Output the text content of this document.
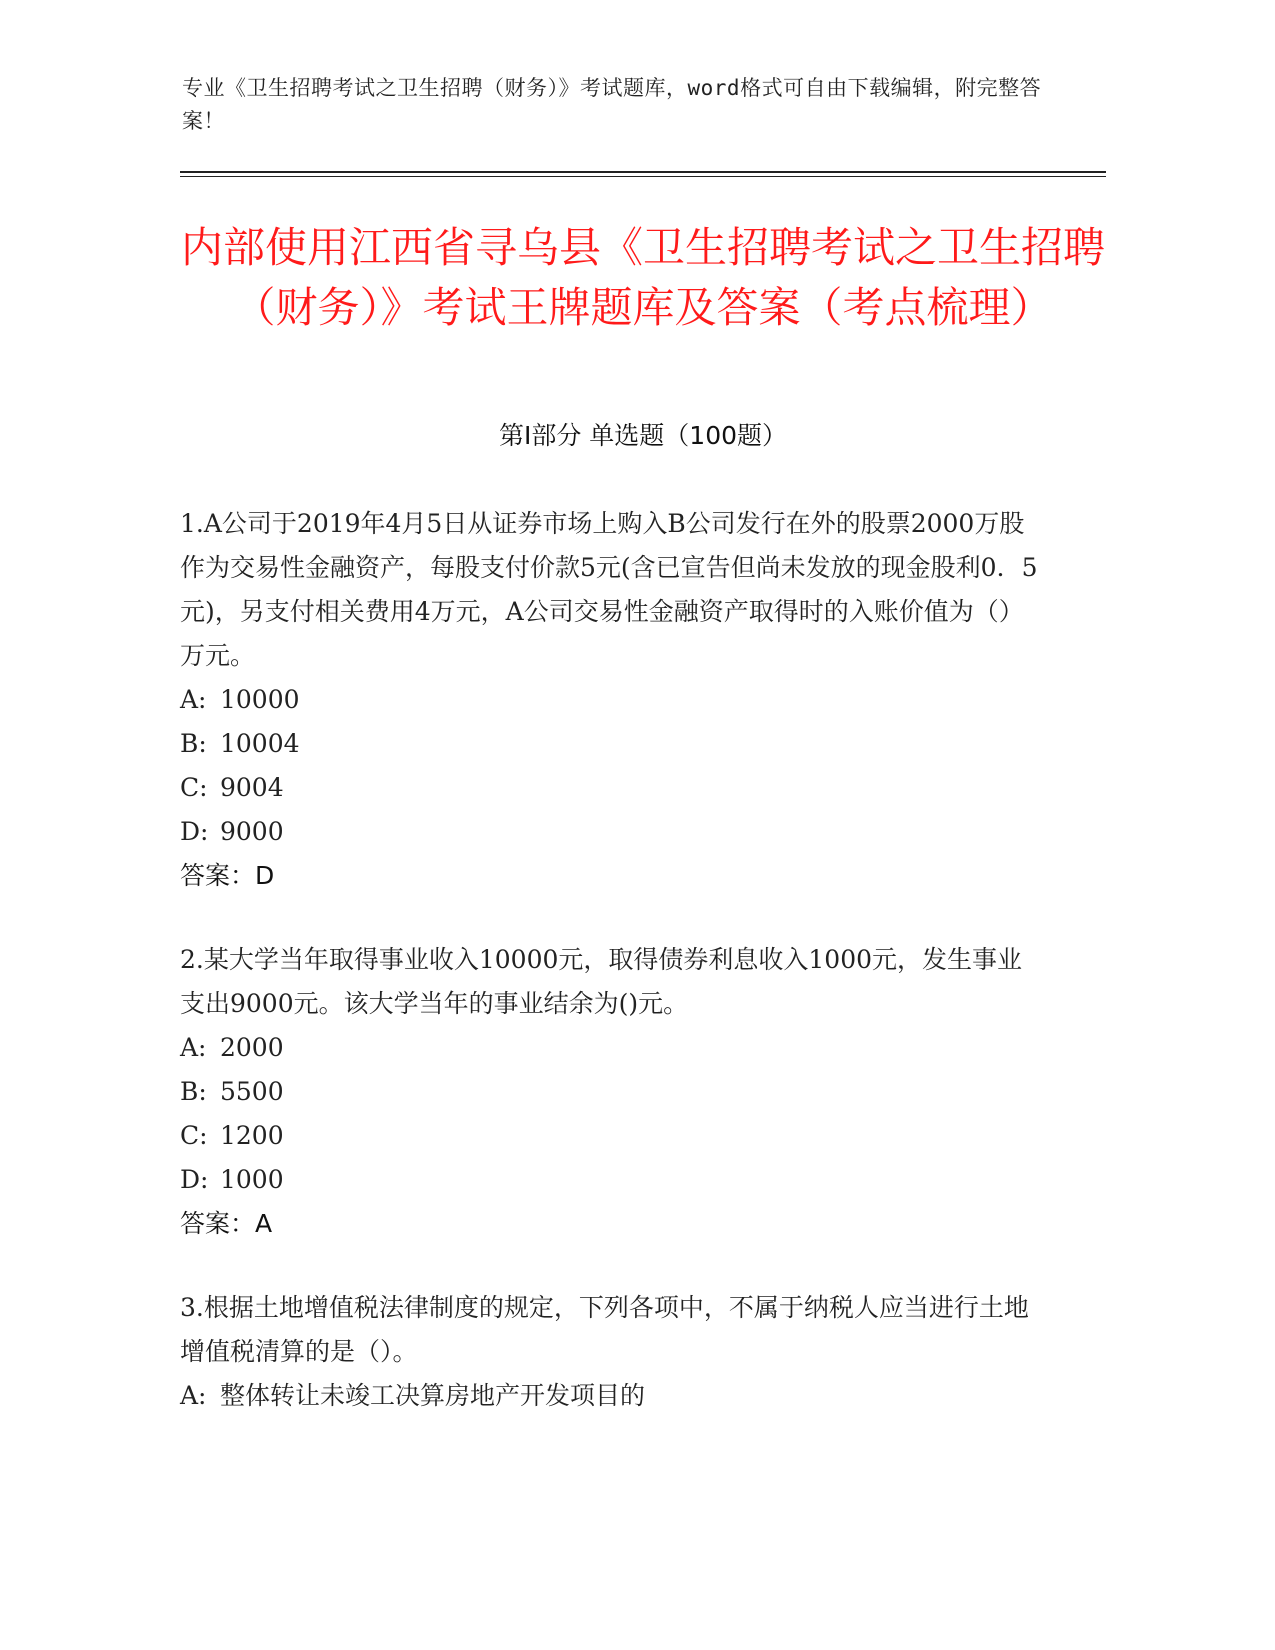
专业《卫生招聘考试之卫生招聘（财务）》考试题库，word格式可自由下载编辑，附完整答案！
内部使用江西省寻乌县《卫生招聘考试之卫生招聘（财务）》考试王牌题库及答案（考点梳理）
第I部分 单选题（100题）

1.A公司于2019年4月5日从证券市场上购入B公司发行在外的股票2000万股作为交易性金融资产，每股支付价款5元(含已宣告但尚未发放的现金股利0．5元)，另支付相关费用4万元，A公司交易性金融资产取得时的入账价值为（）万元。

A: 10000

B: 10004

C: 9004

D: 9000

答案：D

2.某大学当年取得事业收入10000元，取得债券利息收入1000元，发生事业支出9000元。该大学当年的事业结余为()元。

A: 2000

B: 5500

C: 1200

D: 1000

答案：A

3.根据土地增值税法律制度的规定，下列各项中，不属于纳税人应当进行土地增值税清算的是（）。

A: 整体转让未竣工决算房地产开发项目的
